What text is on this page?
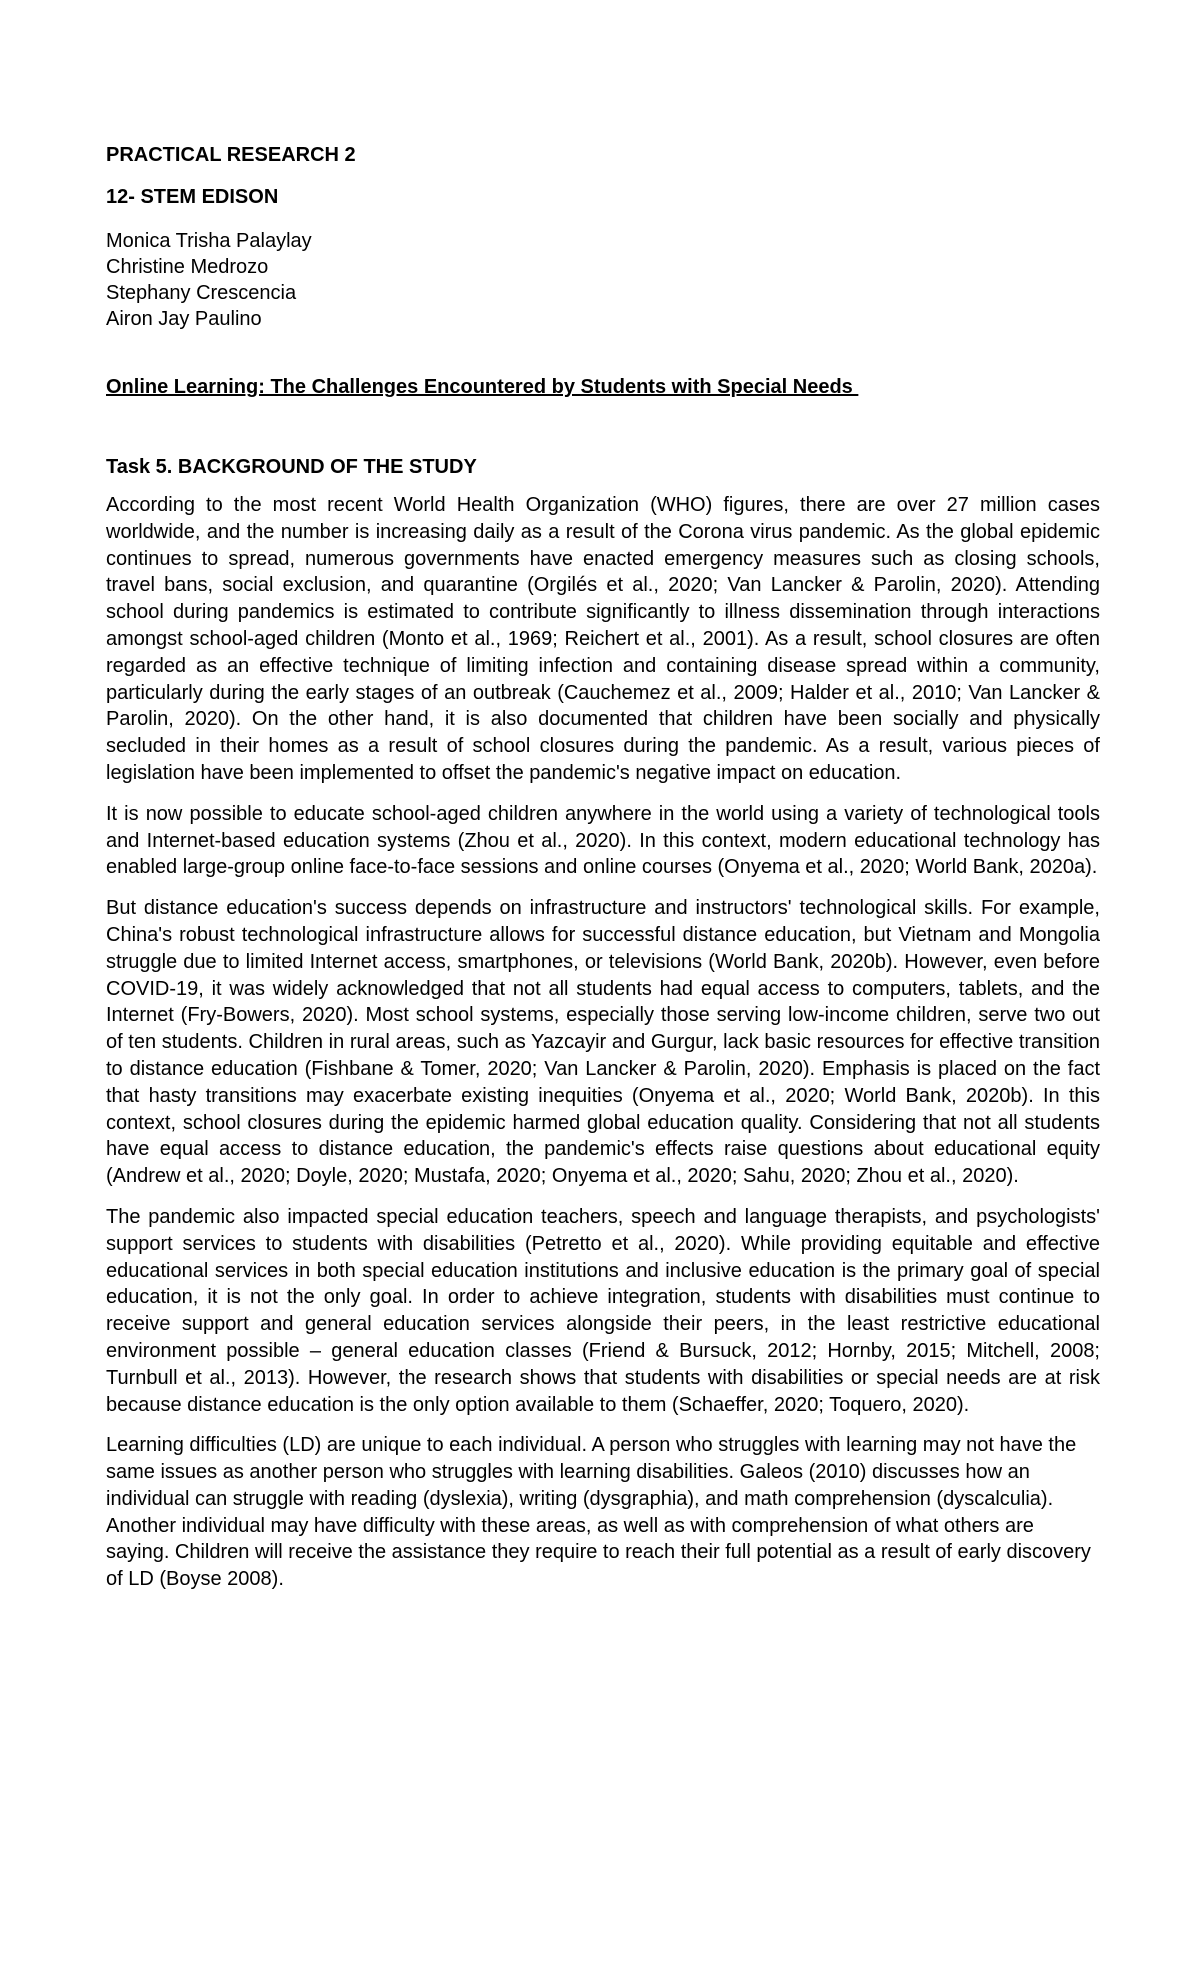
PRACTICAL RESEARCH 2

12- STEM EDISON

Monica Trisha Palaylay
Christine Medrozo
Stephany Crescencia
Airon Jay Paulino

Online Learning: The Challenges Encountered by Students with Special Needs

Task 5. BACKGROUND OF THE STUDY

According to the most recent World Health Organization (WHO) figures, there are over 27 million cases worldwide, and the number is increasing daily as a result of the Corona virus pandemic. As the global epidemic continues to spread, numerous governments have enacted emergency measures such as closing schools, travel bans, social exclusion, and quarantine (Orgilés et al., 2020; Van Lancker & Parolin, 2020). Attending school during pandemics is estimated to contribute significantly to illness dissemination through interactions amongst school-aged children (Monto et al., 1969; Reichert et al., 2001). As a result, school closures are often regarded as an effective technique of limiting infection and containing disease spread within a community, particularly during the early stages of an outbreak (Cauchemez et al., 2009; Halder et al., 2010; Van Lancker & Parolin, 2020). On the other hand, it is also documented that children have been socially and physically secluded in their homes as a result of school closures during the pandemic. As a result, various pieces of legislation have been implemented to offset the pandemic's negative impact on education.

It is now possible to educate school-aged children anywhere in the world using a variety of technological tools and Internet-based education systems (Zhou et al., 2020). In this context, modern educational technology has enabled large-group online face-to-face sessions and online courses (Onyema et al., 2020; World Bank, 2020a).

But distance education's success depends on infrastructure and instructors' technological skills. For example, China's robust technological infrastructure allows for successful distance education, but Vietnam and Mongolia struggle due to limited Internet access, smartphones, or televisions (World Bank, 2020b). However, even before COVID-19, it was widely acknowledged that not all students had equal access to computers, tablets, and the Internet (Fry-Bowers, 2020). Most school systems, especially those serving low-income children, serve two out of ten students. Children in rural areas, such as Yazcayir and Gurgur, lack basic resources for effective transition to distance education (Fishbane & Tomer, 2020; Van Lancker & Parolin, 2020). Emphasis is placed on the fact that hasty transitions may exacerbate existing inequities (Onyema et al., 2020; World Bank, 2020b). In this context, school closures during the epidemic harmed global education quality. Considering that not all students have equal access to distance education, the pandemic's effects raise questions about educational equity (Andrew et al., 2020; Doyle, 2020; Mustafa, 2020; Onyema et al., 2020; Sahu, 2020; Zhou et al., 2020).

The pandemic also impacted special education teachers, speech and language therapists, and psychologists' support services to students with disabilities (Petretto et al., 2020). While providing equitable and effective educational services in both special education institutions and inclusive education is the primary goal of special education, it is not the only goal. In order to achieve integration, students with disabilities must continue to receive support and general education services alongside their peers, in the least restrictive educational environment possible – general education classes (Friend & Bursuck, 2012; Hornby, 2015; Mitchell, 2008; Turnbull et al., 2013). However, the research shows that students with disabilities or special needs are at risk because distance education is the only option available to them (Schaeffer, 2020; Toquero, 2020).

Learning difficulties (LD) are unique to each individual. A person who struggles with learning may not have the same issues as another person who struggles with learning disabilities. Galeos (2010) discusses how an individual can struggle with reading (dyslexia), writing (dysgraphia), and math comprehension (dyscalculia). Another individual may have difficulty with these areas, as well as with comprehension of what others are saying. Children will receive the assistance they require to reach their full potential as a result of early discovery of LD (Boyse 2008).
